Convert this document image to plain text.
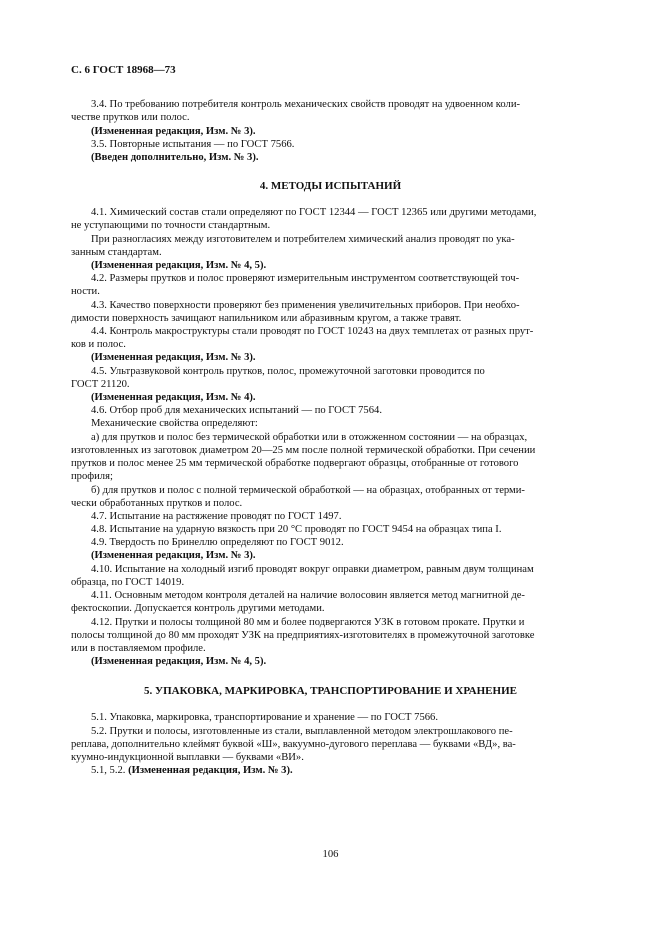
С. 6 ГОСТ 18968—73
3.4. По требованию потребителя контроль механических свойств проводят на удвоенном коли-
честве прутков или полос.
(Измененная редакция, Изм. № 3).
3.5. Повторные испытания — по ГОСТ 7566.
(Введен дополнительно, Изм. № 3).
4. МЕТОДЫ ИСПЫТАНИЙ
4.1. Химический состав стали определяют по ГОСТ 12344 — ГОСТ 12365 или другими методами,
не уступающими по точности стандартным.
При разногласиях между изготовителем и потребителем химический анализ проводят по ука-
занным стандартам.
(Измененная редакция, Изм. № 4, 5).
4.2. Размеры прутков и полос проверяют измерительным инструментом соответствующей точ-
ности.
4.3. Качество поверхности проверяют без применения увеличительных приборов. При необхо-
димости поверхность зачищают напильником или абразивным кругом, а также травят.
4.4. Контроль макроструктуры стали проводят по ГОСТ 10243 на двух темплетах от разных прут-
ков и полос.
(Измененная редакция, Изм. № 3).
4.5. Ультразвуковой контроль прутков, полос, промежуточной заготовки проводится по
ГОСТ 21120.
(Измененная редакция, Изм. № 4).
4.6. Отбор проб для механических испытаний — по ГОСТ 7564.
Механические свойства определяют:
а) для прутков и полос без термической обработки или в отожженном состоянии — на образцах,
изготовленных из заготовок диаметром 20—25 мм после полной термической обработки. При сечении
прутков и полос менее 25 мм термической обработке подвергают образцы, отобранные от готового
профиля;
б) для прутков и полос с полной термической обработкой — на образцах, отобранных от терми-
чески обработанных прутков и полос.
4.7. Испытание на растяжение проводят по ГОСТ 1497.
4.8. Испытание на ударную вязкость при 20 °С проводят по ГОСТ 9454 на образцах типа I.
4.9. Твердость по Бринеллю определяют по ГОСТ 9012.
(Измененная редакция, Изм. № 3).
4.10. Испытание на холодный изгиб проводят вокруг оправки диаметром, равным двум толщинам
образца, по ГОСТ 14019.
4.11. Основным методом контроля деталей на наличие волосовин является метод магнитной де-
фектоскопии. Допускается контроль другими методами.
4.12. Прутки и полосы толщиной 80 мм и более подвергаются УЗК в готовом прокате. Прутки и
полосы толщиной до 80 мм проходят УЗК на предприятиях-изготовителях в промежуточной заготовке
или в поставляемом профиле.
(Измененная редакция, Изм. № 4, 5).
5. УПАКОВКА, МАРКИРОВКА, ТРАНСПОРТИРОВАНИЕ И ХРАНЕНИЕ
5.1. Упаковка, маркировка, транспортирование и хранение — по ГОСТ 7566.
5.2. Прутки и полосы, изготовленные из стали, выплавленной методом электрошлакового пе-
реплава, дополнительно клеймят буквой «Ш», вакуумно-дугового переплава — буквами «ВД», ва-
куумно-индукционной выплавки — буквами «ВИ».
5.1, 5.2. (Измененная редакция, Изм. № 3).
106
